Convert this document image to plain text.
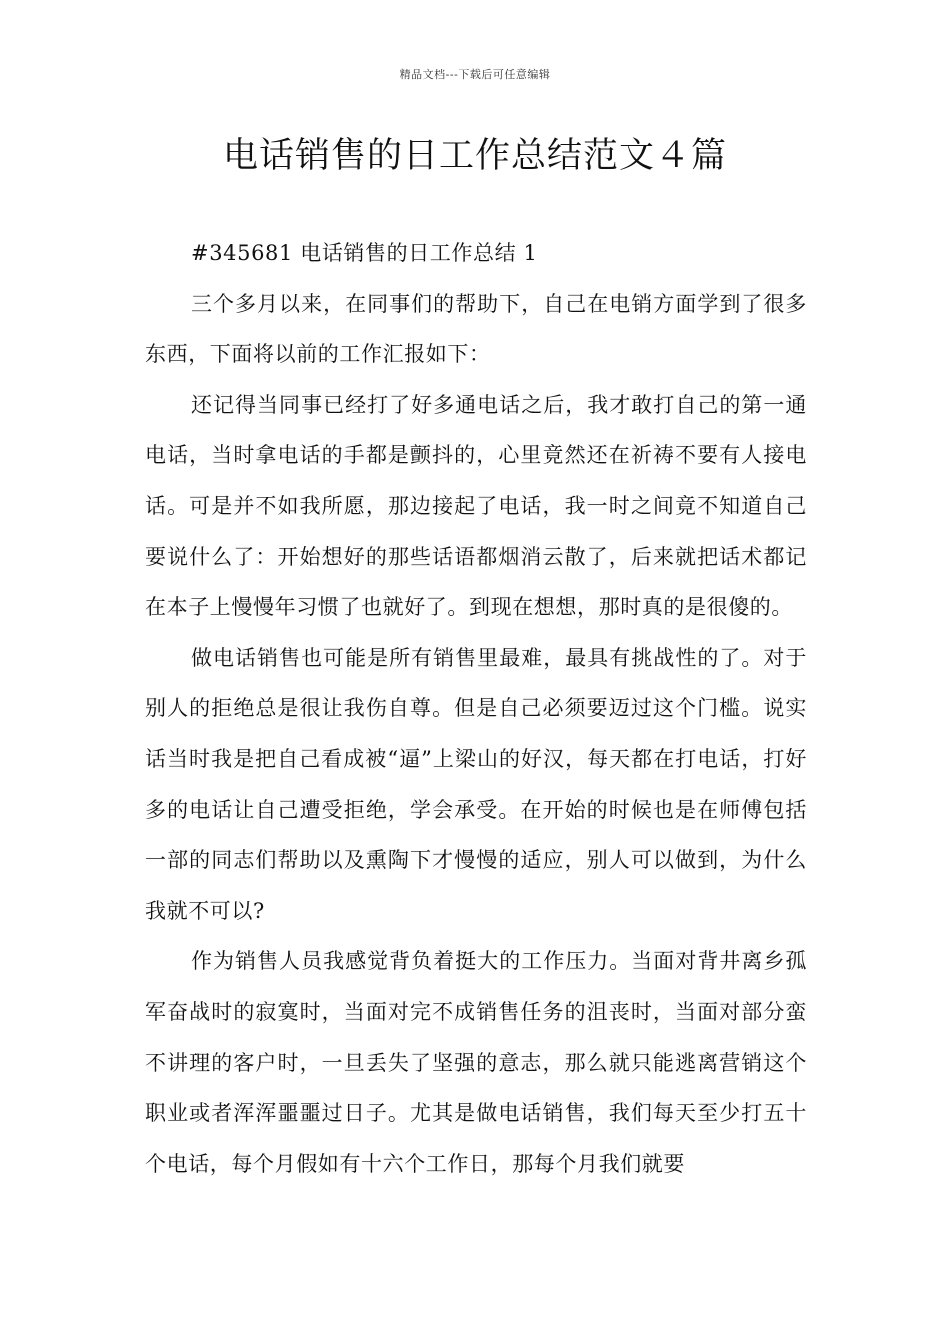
精品文档---下载后可任意编辑
电话销售的日工作总结范文４篇

#345681 电话销售的日工作总结 1

三个多月以来，在同事们的帮助下，自己在电销方面学到了很多东西，下面将以前的工作汇报如下：

还记得当同事已经打了好多通电话之后，我才敢打自己的第一通电话，当时拿电话的手都是颤抖的，心里竟然还在祈祷不要有人接电话。可是并不如我所愿，那边接起了电话，我一时之间竟不知道自己要说什么了：开始想好的那些话语都烟消云散了，后来就把话术都记在本子上慢慢年习惯了也就好了。到现在想想，那时真的是很傻的。

做电话销售也可能是所有销售里最难，最具有挑战性的了。对于别人的拒绝总是很让我伤自尊。但是自己必须要迈过这个门槛。说实话当时我是把自己看成被“逼”上梁山的好汉，每天都在打电话，打好多的电话让自己遭受拒绝，学会承受。在开始的时候也是在师傅包括一部的同志们帮助以及熏陶下才慢慢的适应，别人可以做到，为什么我就不可以?

作为销售人员我感觉背负着挺大的工作压力。当面对背井离乡孤军奋战时的寂寞时，当面对完不成销售任务的沮丧时，当面对部分蛮不讲理的客户时，一旦丢失了坚强的意志，那么就只能逃离营销这个职业或者浑浑噩噩过日子。尤其是做电话销售，我们每天至少打五十个电话，每个月假如有十六个工作日，那每个月我们就要
